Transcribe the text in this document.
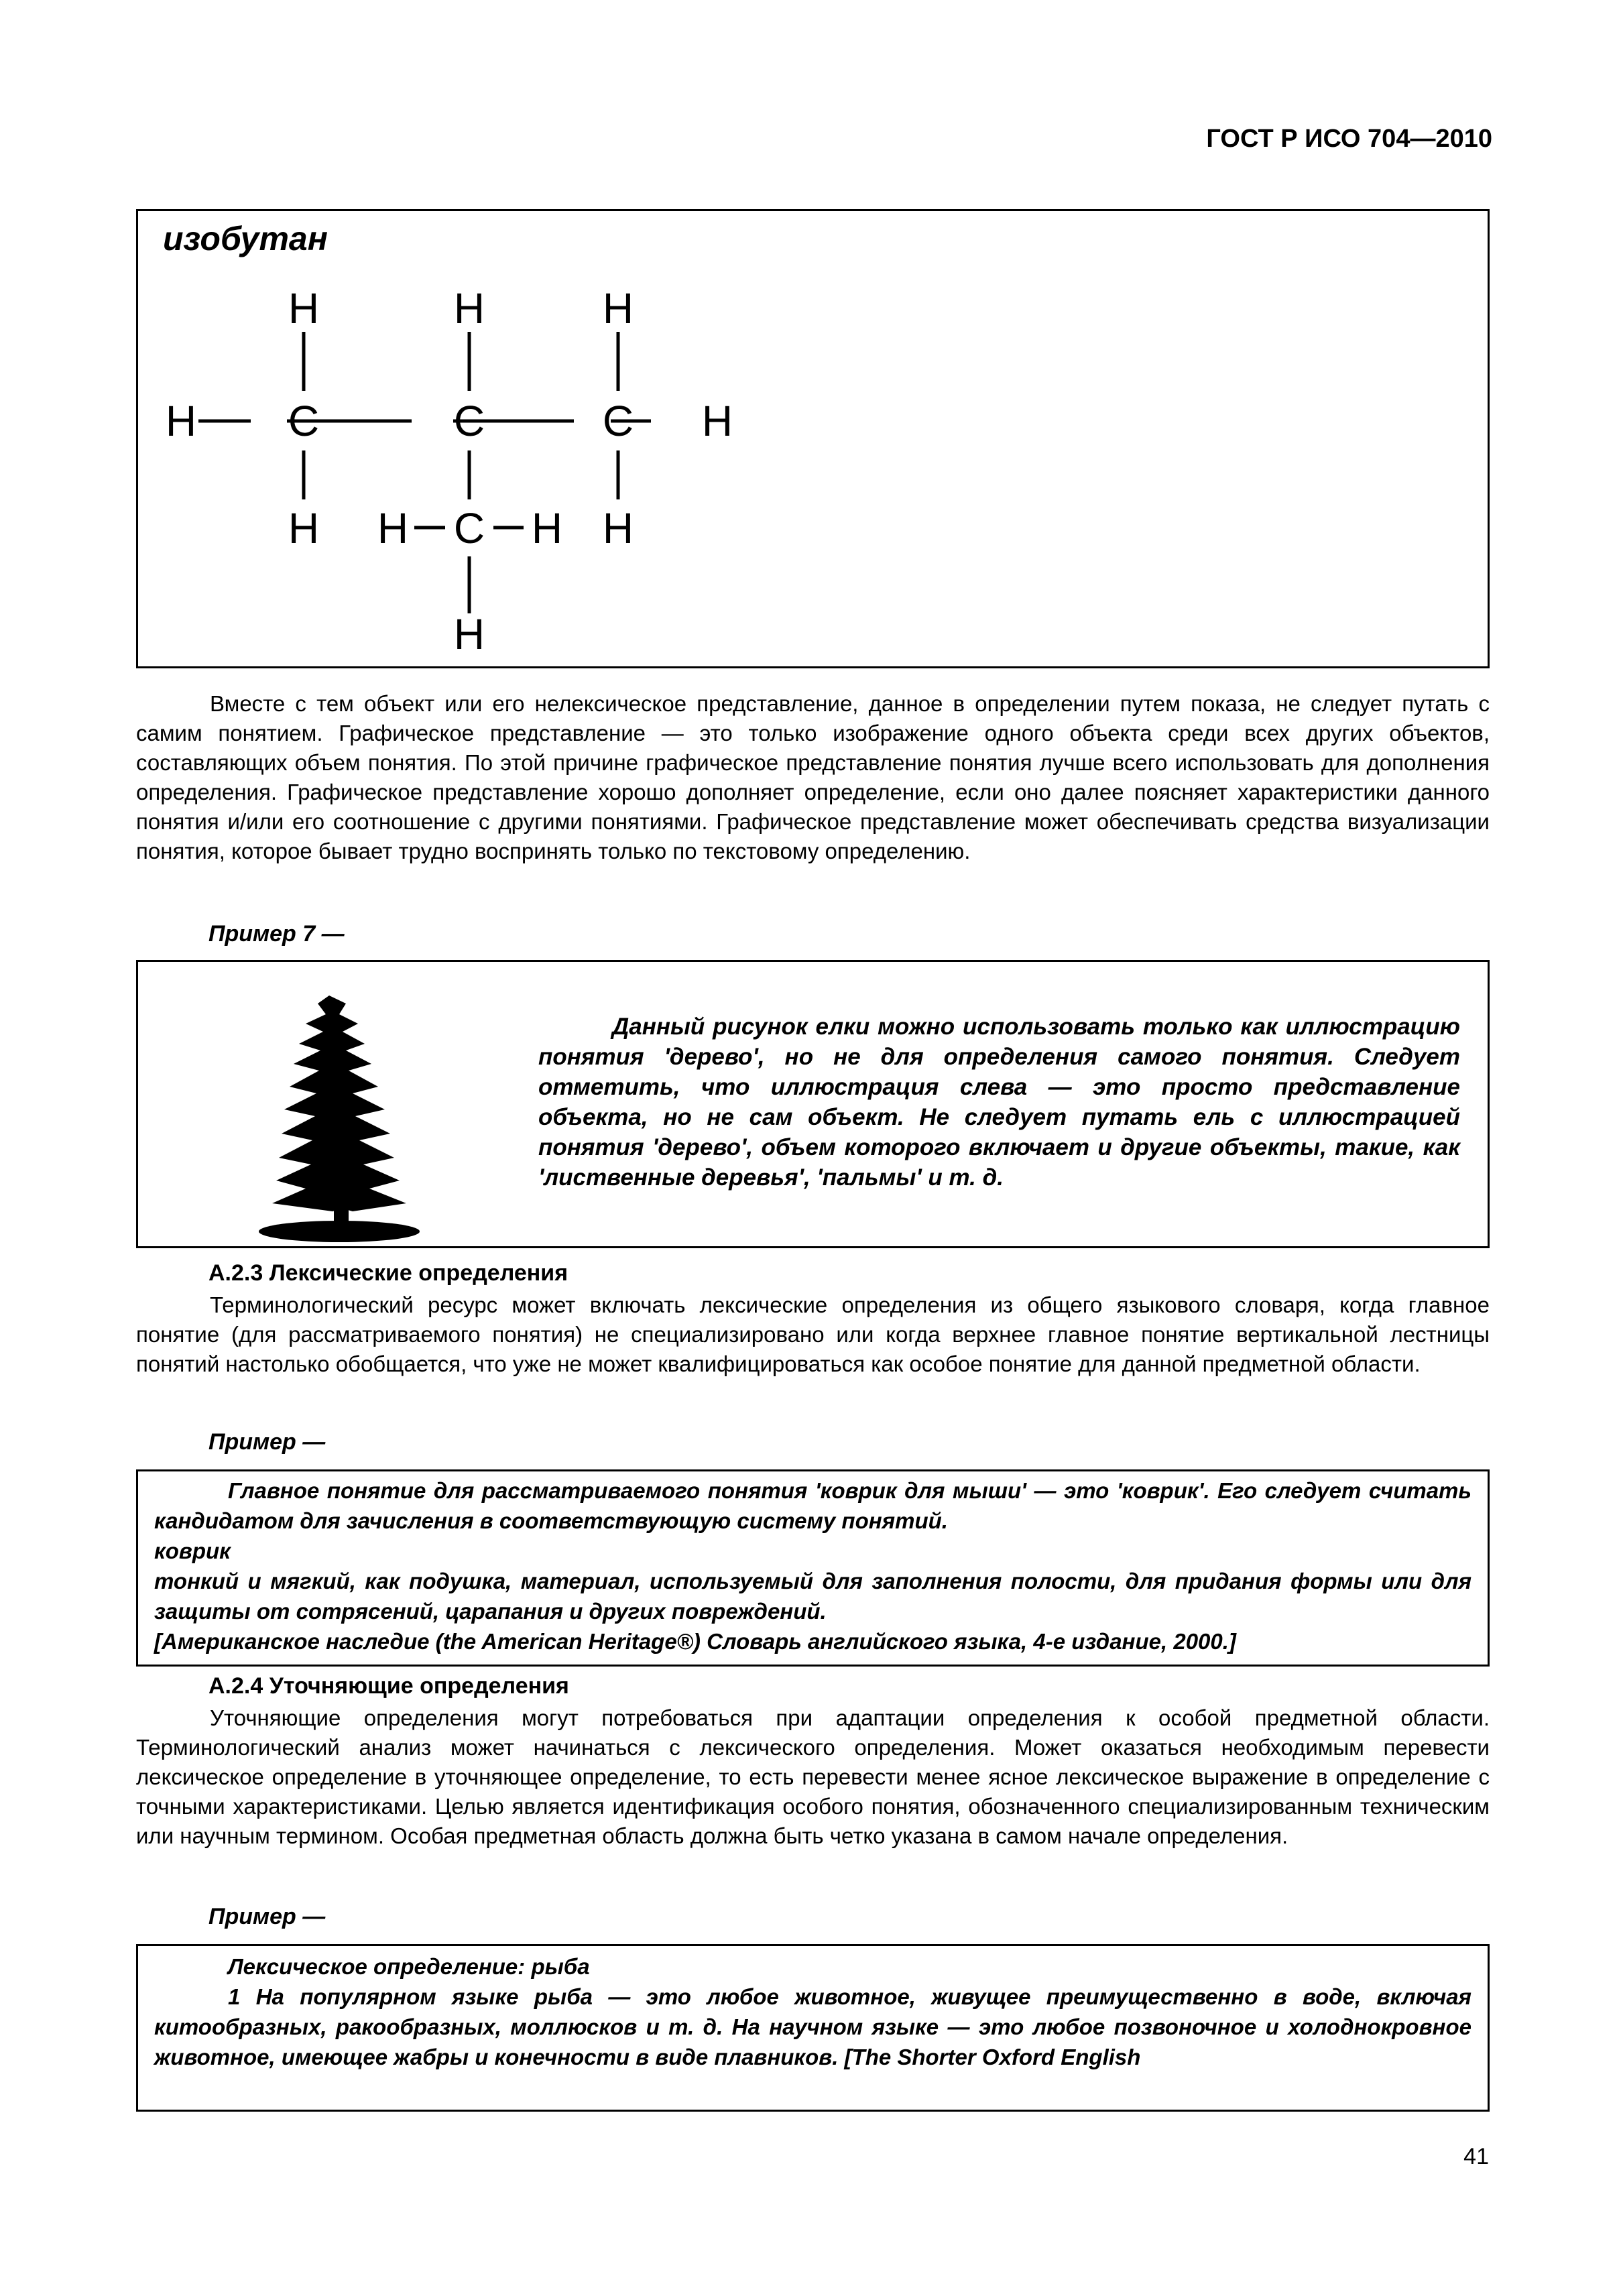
ГОСТ Р ИСО 704—2010
изобутан
H	H	H
H C	C	C H
H H C H H
H
Вместе с тем объект или его нелексическое представление, данное в определении путем показа, не следует путать с самим понятием. Графическое представление — это только изображение одного объекта среди всех других объектов, составляющих объем понятия. По этой причине графическое представление понятия лучше всего использовать для дополнения определения. Графическое представление хорошо дополняет определение, если оно далее поясняет характеристики данного понятия и/или его соотношение с другими понятиями. Графическое представление может обеспечивать средства визуализации понятия, которое бывает трудно воспринять только по текстовому определению.
Пример 7 —
Данный рисунок елки можно использовать только как иллюстрацию понятия 'дерево', но не для определения самого понятия. Следует отметить, что иллюстрация слева — это просто представление объекта, но не сам объект. Не следует путать ель с иллюстрацией понятия 'дерево', объем которого включает и другие объекты, такие, как 'лиственные деревья', 'пальмы' и т. д.
А.2.3 Лексические определения
Терминологический ресурс может включать лексические определения из общего языкового словаря, когда главное понятие (для рассматриваемого понятия) не специализировано или когда верхнее главное понятие вертикальной лестницы понятий настолько обобщается, что уже не может квалифицироваться как особое понятие для данной предметной области.
Пример —

Главное понятие для рассматриваемого понятия 'коврик для мыши' — это 'коврик'. Его следует считать кандидатом для зачисления в соответствующую систему понятий.

коврик

тонкий и мягкий, как подушка, материал, используемый для заполнения полости, для придания формы или для защиты от сотрясений, царапания и других повреждений.

[Американское наследие (the American Heritage®) Словарь английского языка, 4-е издание, 2000.]

А.2.4 Уточняющие определения
Уточняющие определения могут потребоваться при адаптации определения к особой предметной области. Терминологический анализ может начинаться с лексического определения. Может оказаться необходимым перевести лексическое определение в уточняющее определение, то есть перевести менее ясное лексическое выражение в определение с точными характеристиками. Целью является идентификация особого понятия, обозначенного специализированным техническим или научным термином. Особая предметная область должна быть четко указана в самом начале определения.
Пример —

Лексическое определение: рыба

1 На популярном языке рыба — это любое животное, живущее преимущественно в воде, включая китообразных, ракообразных, моллюсков и т. д. На научном языке — это любое позвоночное и холоднокровное животное, имеющее жабры и конечности в виде плавников. [The Shorter Oxford English

41
